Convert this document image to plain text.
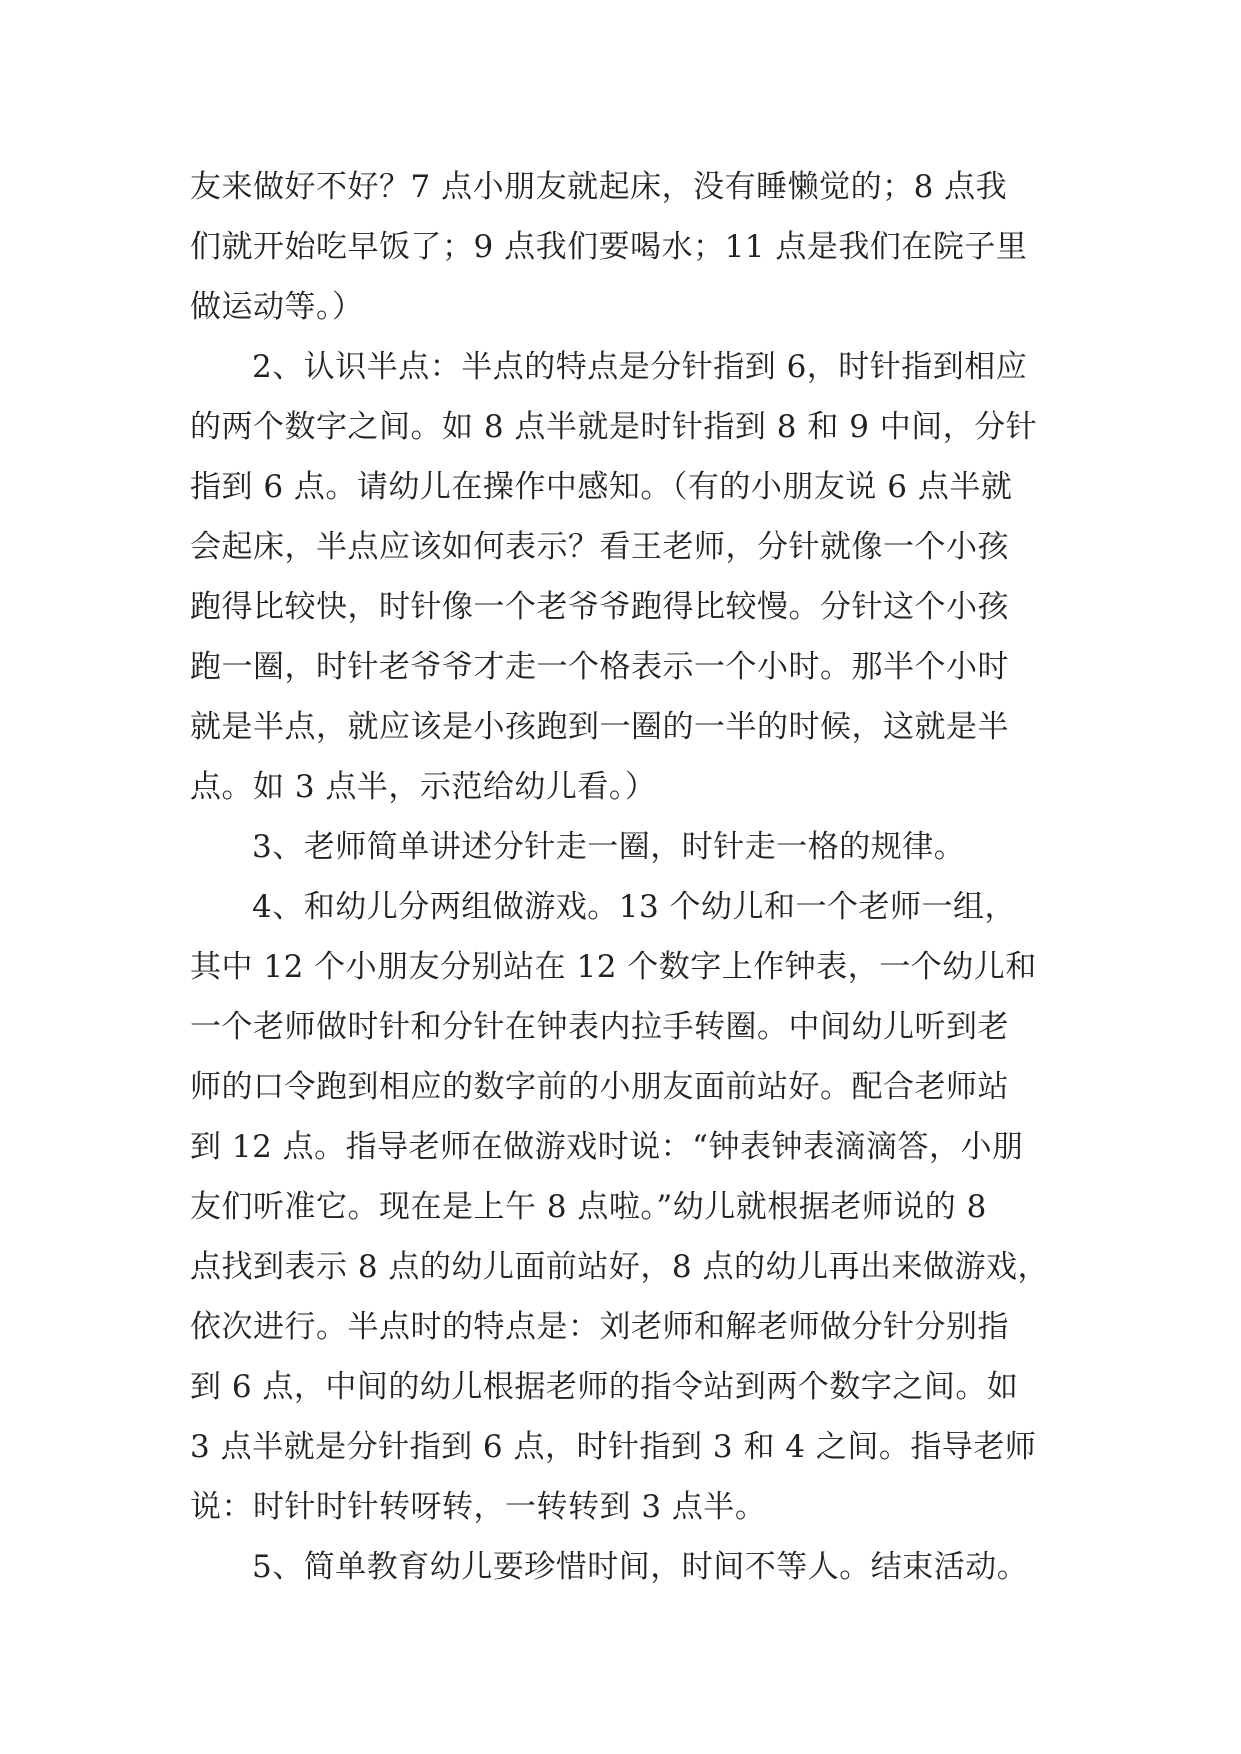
友来做好不好？7 点小朋友就起床，没有睡懒觉的；8 点我
们就开始吃早饭了；9 点我们要喝水；11 点是我们在院子里
做运动等。）
2、认识半点：半点的特点是分针指到 6，时针指到相应
的两个数字之间。如 8 点半就是时针指到 8 和 9 中间，分针
指到 6 点。请幼儿在操作中感知。（有的小朋友说 6 点半就
会起床，半点应该如何表示？看王老师，分针就像一个小孩
跑得比较快，时针像一个老爷爷跑得比较慢。分针这个小孩
跑一圈，时针老爷爷才走一个格表示一个小时。那半个小时
就是半点，就应该是小孩跑到一圈的一半的时候，这就是半
点。如 3 点半，示范给幼儿看。）
3、老师简单讲述分针走一圈，时针走一格的规律。
4、和幼儿分两组做游戏。13 个幼儿和一个老师一组，
其中 12 个小朋友分别站在 12 个数字上作钟表，一个幼儿和
一个老师做时针和分针在钟表内拉手转圈。中间幼儿听到老
师的口令跑到相应的数字前的小朋友面前站好。配合老师站
到 12 点。指导老师在做游戏时说：“钟表钟表滴滴答，小朋
友们听准它。现在是上午 8 点啦。”幼儿就根据老师说的 8
点找到表示 8 点的幼儿面前站好，8 点的幼儿再出来做游戏，
依次进行。半点时的特点是：刘老师和解老师做分针分别指
到 6 点，中间的幼儿根据老师的指令站到两个数字之间。如
3 点半就是分针指到 6 点，时针指到 3 和 4 之间。指导老师
说：时针时针转呀转，一转转到 3 点半。
5、简单教育幼儿要珍惜时间，时间不等人。结束活动。
